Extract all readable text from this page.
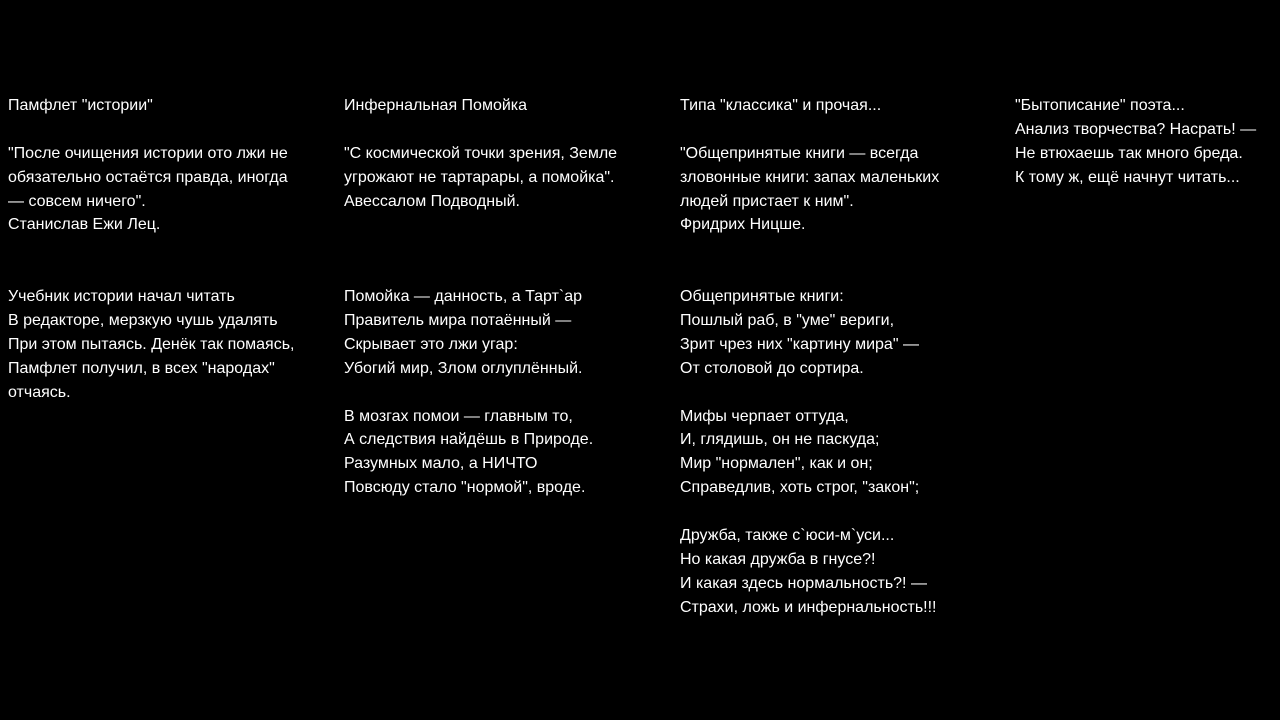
Памфлет "истории"
"После очищения истории ото лжи не
обязательно остаётся правда, иногда
— совсем ничего".
Станислав Ежи Лец.
Учебник истории начал читать
В редакторе, мерзкую чушь удалять
При этом пытаясь. Денёк так помаясь,
Памфлет получил, в всех "народах"
отчаясь.
Инфернальная Помойка
"С космической точки зрения, Земле
угрожают не тартарары, а помойка".
Авессалом Подводный.
Помойка — данность, а Тарт`ар
Правитель мира потаённый —
Скрывает это лжи угар:
Убогий мир, Злом оглуплённый.
В мозгах помои — главным то,
А следствия найдёшь в Природе.
Разумных мало, а НИЧТО
Повсюду стало "нормой", вроде.
Типа "классика" и прочая...
"Общепринятые книги — всегда
зловонные книги: запах маленьких
людей пристает к ним".
Фридрих Ницше.
Общепринятые книги:
Пошлый раб, в "уме" вериги,
Зрит чрез них "картину мира" —
От столовой до сортира.
Мифы черпает оттуда,
И, глядишь, он не паскуда;
Мир "нормален", как и он;
Справедлив, хоть строг, "закон";
Дружба, также с`юси-м`уси...
Но какая дружба в гнусе?!
И какая здесь нормальность?! —
Страхи, ложь и инфернальность!!!
"Бытописание" поэта...
Анализ творчества? Насрать! —
Не втюхаешь так много бреда.
К тому ж, ещё начнут читать...
